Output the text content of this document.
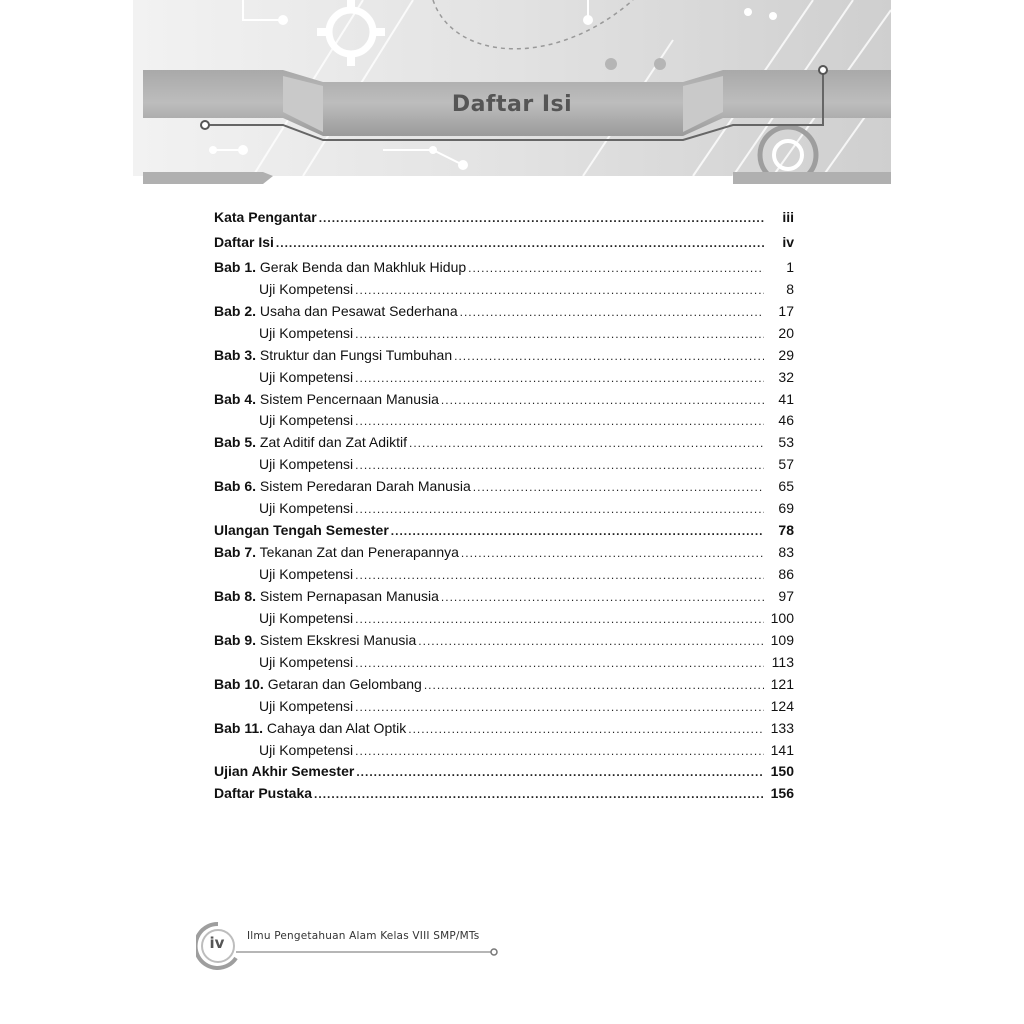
Daftar Isi
Kata Pengantar .....	iii
Daftar Isi .....	iv
Bab 1. Gerak Benda dan Makhluk Hidup .....	1
Uji Kompetensi .....	8
Bab 2. Usaha dan Pesawat Sederhana .....	17
Uji Kompetensi .....	20
Bab 3. Struktur dan Fungsi Tumbuhan .....	29
Uji Kompetensi .....	32
Bab 4. Sistem Pencernaan Manusia .....	41
Uji Kompetensi .....	46
Bab 5. Zat Aditif dan Zat Adiktif .....	53
Uji Kompetensi .....	57
Bab 6. Sistem Peredaran Darah Manusia .....	65
Uji Kompetensi .....	69
Ulangan Tengah Semester .....	78
Bab 7. Tekanan Zat dan Penerapannya .....	83
Uji Kompetensi .....	86
Bab 8. Sistem Pernapasan Manusia .....	97
Uji Kompetensi .....	100
Bab 9. Sistem Ekskresi Manusia .....	109
Uji Kompetensi .....	113
Bab 10. Getaran dan Gelombang .....	121
Uji Kompetensi .....	124
Bab 11. Cahaya dan Alat Optik .....	133
Uji Kompetensi .....	141
Ujian Akhir Semester .....	150
Daftar Pustaka .....	156
iv	Ilmu Pengetahuan Alam Kelas VIII SMP/MTs
